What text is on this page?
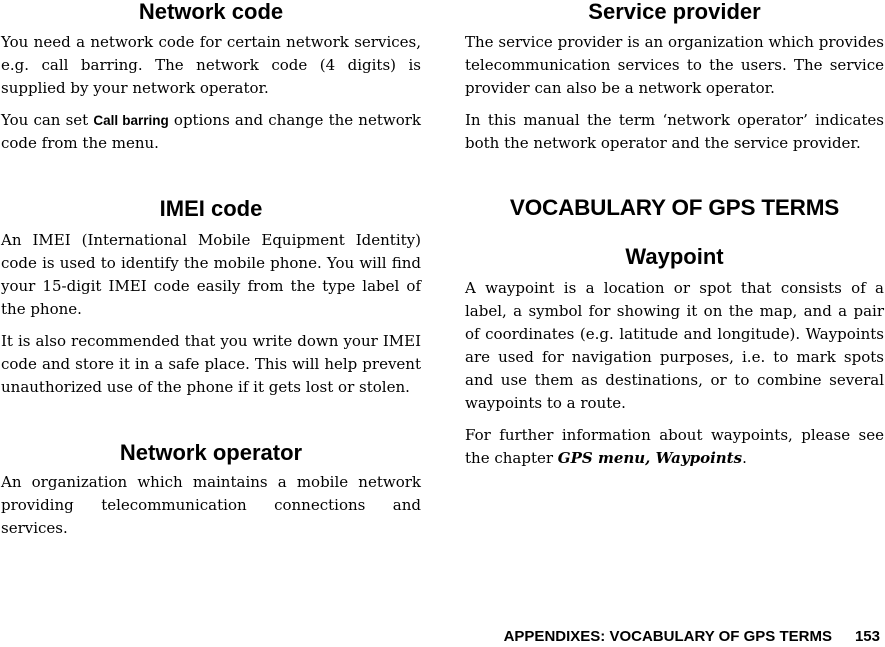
Network code

You need a network code for certain network services, e.g. call barring. The network code (4 digits) is supplied by your network operator.

You can set Call barring options and change the network code from the menu.

IMEI code

An IMEI (International Mobile Equipment Identity) code is used to identify the mobile phone. You will find your 15-digit IMEI code easily from the type label of the phone.

It is also recommended that you write down your IMEI code and store it in a safe place. This will help prevent unauthorized use of the phone if it gets lost or stolen.

Network operator

An organization which maintains a mobile network providing telecommunication connections and services.

Service provider

The service provider is an organization which provides telecommunication services to the users. The service provider can also be a network operator.

In this manual the term ‘network operator’ indicates both the network operator and the service provider.

VOCABULARY OF GPS TERMS
Waypoint

A waypoint is a location or spot that consists of a label, a symbol for showing it on the map, and a pair of coordinates (e.g. latitude and longitude). Waypoints are used for navigation purposes, i.e. to mark spots and use them as destinations, or to combine several waypoints to a route.

For further information about waypoints, please see the chapter GPS menu, Waypoints.

APPENDIXES: VOCABULARY OF GPS TERMS 153
